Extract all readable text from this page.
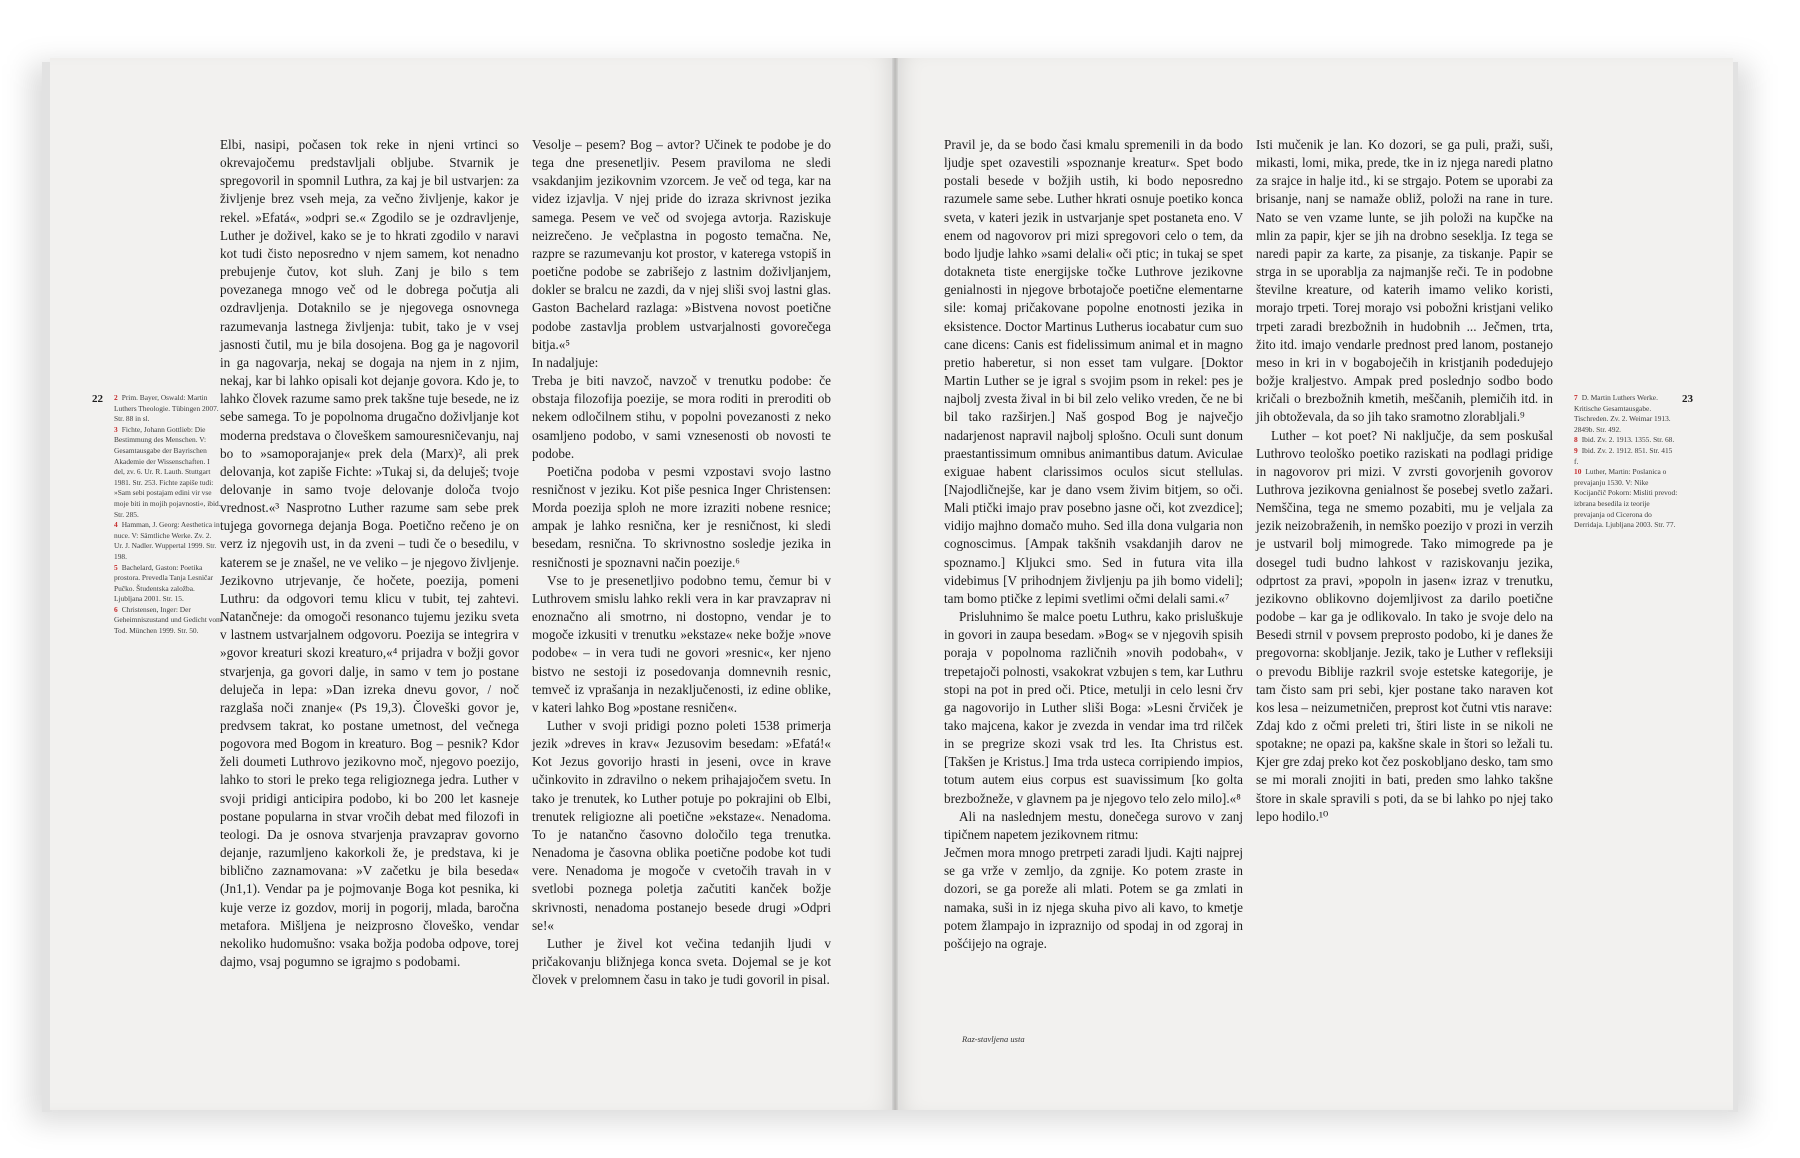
22 2 Prim. Bayer, Oswald: Martin Luthers Theologie. Tübingen 2007. Str. 88 in sl.
3 Fichte, Johann Gottlieb: Die Bestimmung des Menschen. V: Gesamtausgabe der Bayrischen Akademie der Wissenschaften. I del, zv. 6. Ur. R. Lauth. Stuttgart 1981. Str. 253. Fichte zapiše tudi: »Sam sebi postajam edini vir vse moje biti in mojih pojavnosti«, ibid. Str. 285.
4 Hamman, J. Georg: Aesthetica in nuce. V: Sämtliche Werke. Zv. 2. Ur. J. Nadler. Wuppertal 1999. Str. 198.
5 Bachelard, Gaston: Poetika prostora. Prevedla Tanja Lesničar Pučko. Študentska založba. Ljubljana 2001. Str. 15.
6 Christensen, Inger: Der Geheimniszustand und Gedicht vom Tod. München 1999. Str. 50.

Elbi, nasipi, počasen tok reke in njeni vrtinci so okrevajočemu predstavljali obljube. Stvarnik je spregovoril in spomnil Luthra, za kaj je bil ustvarjen: za življenje brez vseh meja, za večno življenje, kakor je rekel. »Efatá«, »odpri se.« Zgodilo se je ozdravljenje, Luther je doživel, kako se je to hkrati zgodilo v naravi kot tudi čisto neposredno v njem samem, kot nenadno prebujenje čutov, kot sluh. Zanj je bilo s tem povezanega mnogo več od le dobrega počutja ali ozdravljenja. Dotaknilo se je njegovega osnovnega razumevanja lastnega življenja: tubit, tako je v vsej jasnosti čutil, mu je bila dosojena. Bog ga je nagovoril in ga nagovarja, nekaj se dogaja na njem in z njim, nekaj, kar bi lahko opisali kot dejanje govora. Kdo je, to lahko človek razume samo prek takšne tuje besede, ne iz sebe samega. To je popolnoma drugačno doživljanje kot moderna predstava o človeškem samouresničevanju, naj bo to »samoporajanje« prek dela (Marx)², ali prek delovanja, kot zapiše Fichte: »Tukaj si, da deluješ; tvoje delovanje in samo tvoje delovanje določa tvojo vrednost.«³ Nasprotno Luther razume sam sebe prek tujega govornega dejanja Boga. Poetično rečeno je on verz iz njegovih ust, in da zveni – tudi če o besedilu, v katerem se je znašel, ne ve veliko – je njegovo življenje. Jezikovno utrjevanje, če hočete, poezija, pomeni Luthru: da odgovori temu klicu v tubit, tej zahtevi. Natančneje: da omogoči resonanco tujemu jeziku sveta v lastnem ustvarjalnem odgovoru. Poezija se integrira v »govor kreaturi skozi kreaturo,«⁴ prijadra v božji govor stvarjenja, ga govori dalje, in samo v tem jo postane deluječa in lepa: »Dan izreka dnevu govor, / noč razglaša noči znanje« (Ps 19,3). Človeški govor je, predvsem takrat, ko postane umetnost, del večnega pogovora med Bogom in kreaturo. Bog – pesnik? Kdor želi doumeti Luthrovo jezikovno moč, njegovo poezijo, lahko to stori le preko tega religioznega jedra. Luther v svoji pridigi anticipira podobo, ki bo 200 let kasneje postane popularna in stvar vročih debat med filozofi in teologi. Da je osnova stvarjenja pravzaprav govorno dejanje, razumljeno kakorkoli že, je predstava, ki je biblično zaznamovana: »V začetku je bila beseda« (Jn1,1). Vendar pa je pojmovanje Boga kot pesnika, ki kuje verze iz gozdov, morij in pogorij, mlada, baročna metafora. Mišljena je neizprosno človeško, vendar nekoliko hudomušno: vsaka božja podoba odpove, torej dajmo, vsaj pogumno se igrajmo s podobami.

Vesolje – pesem? Bog – avtor? Učinek te podobe je do tega dne presenetljiv. Pesem praviloma ne sledi vsakdanjim jezikovnim vzorcem. Je več od tega, kar na videz izjavlja. V njej pride do izraza skrivnost jezika samega. Pesem ve več od svojega avtorja. Raziskuje neizrečeno. Je večplastna in pogosto temačna. Ne, razpre se razumevanju kot prostor, v katerega vstopiš in poetične podobe se zabrišejo z lastnim doživljanjem, dokler se bralcu ne zazdi, da v njej sliši svoj lastni glas. Gaston Bachelard razlaga: »Bistvena novost poetične podobe zastavlja problem ustvarjalnosti govorečega bitja.«⁵

In nadaljuje:

Treba je biti navzoč, navzoč v trenutku podobe: če obstaja filozofija poezije, se mora roditi in preroditi ob nekem odločilnem stihu, v popolni povezanosti z neko osamljeno podobo, v sami vznesenosti ob novosti te podobe.

Poetična podoba v pesmi vzpostavi svojo lastno resničnost v jeziku. Kot piše pesnica Inger Christensen: Morda poezija sploh ne more izraziti nobene resnice; ampak je lahko resnična, ker je resničnost, ki sledi besedam, resnična. To skrivnostno sosledje jezika in resničnosti je spoznavni način poezije.⁶

Vse to je presenetljivo podobno temu, čemur bi v Luthrovem smislu lahko rekli vera in kar pravzaprav ni enoznačno ali smotrno, ni dostopno, vendar je to mogoče izkusiti v trenutku »ekstaze« neke božje »nove podobe« – in vera tudi ne govori »resnic«, ker njeno bistvo ne sestoji iz posedovanja domnevnih resnic, temveč iz vprašanja in nezaključenosti, iz edine oblike, v kateri lahko Bog »postane resničen«.

Luther v svoji pridigi pozno poleti 1538 primerja jezik »dreves in krav« Jezusovim besedam: »Efatá!« Kot Jezus govorijo hrasti in jeseni, ovce in krave učinkovito in zdravilno o nekem prihajajočem svetu. In tako je trenutek, ko Luther potuje po pokrajini ob Elbi, trenutek religiozne ali poetične »ekstaze«. Nenadoma. To je natančno časovno določilo tega trenutka. Nenadoma je časovna oblika poetične podobe kot tudi vere. Nenadoma je mogoče v cvetočih travah in v svetlobi poznega poletja začutiti kanček božje skrivnosti, nenadoma postanejo besede drugi »Odpri se!«

Luther je živel kot večina tedanjih ljudi v pričakovanju bližnjega konca sveta. Dojemal se je kot človek v prelomnem času in tako je tudi govoril in pisal.

Pravil je, da se bodo časi kmalu spremenili in da bodo ljudje spet ozavestili »spoznanje kreatur«. Spet bodo postali besede v božjih ustih, ki bodo neposredno razumele same sebe. Luther hkrati osnuje poetiko konca sveta, v kateri jezik in ustvarjanje spet postaneta eno. V enem od nagovorov pri mizi spregovori celo o tem, da bodo ljudje lahko »sami delali« oči ptic; in tukaj se spet dotakneta tiste energijske točke Luthrove jezikovne genialnosti in njegove brbotajoče poetične elementarne sile: komaj pričakovane popolne enotnosti jezika in eksistence. Doctor Martinus Lutherus iocabatur cum suo cane dicens: Canis est fidelissimum animal et in magno pretio haberetur, si non esset tam vulgare. [Doktor Martin Luther se je igral s svojim psom in rekel: pes je najbolj zvesta žival in bi bil zelo veliko vreden, če ne bi bil tako razširjen.] Naš gospod Bog je največjo nadarjenost napravil najbolj splošno. Oculi sunt donum praestantissimum omnibus animantibus datum. Aviculae exiguae habent clarissimos oculos sicut stellulas. [Najodličnejše, kar je dano vsem živim bitjem, so oči. Mali ptički imajo prav posebno jasne oči, kot zvezdice]; vidijo majhno domačo muho. Sed illa dona vulgaria non cognoscimus. [Ampak takšnih vsakdanjih darov ne spoznamo.] Kljukci smo. Sed in futura vita illa videbimus [V prihodnjem življenju pa jih bomo videli]; tam bomo ptičke z lepimi svetlimi očmi delali sami.«⁷

Prisluhnimo še malce poetu Luthru, kako prisluškuje in govori in zaupa besedam. »Bog« se v njegovih spisih poraja v popolnoma različnih »novih podobah«, v trepetajoči polnosti, vsakokrat vzbujen s tem, kar Luthru stopi na pot in pred oči. Ptice, metulji in celo lesni črv ga nagovorijo in Luther sliši Boga: »Lesni črviček je tako majcena, kakor je zvezda in vendar ima trd rilček in se pregrize skozi vsak trd les. Ita Christus est. [Takšen je Kristus.] Ima trda usteca corripiendo impios, totum autem eius corpus est suavissimum [ko golta brezbožneže, v glavnem pa je njegovo telo zelo milo].«⁸

Ali na naslednjem mestu, donečega surovo v zanj tipičnem napetem jezikovnem ritmu:

Ječmen mora mnogo pretrpeti zaradi ljudi. Kajti najprej se ga vrže v zemljo, da zgnije. Ko potem zraste in dozori, se ga poreže ali mlati. Potem se ga zmlati in namaka, suši in iz njega skuha pivo ali kavo, to kmetje potem žlampajo in izpraznijo od spodaj in od zgoraj in pošćijejo na ograje.

Isti mučenik je lan. Ko dozori, se ga puli, praži, suši, mikasti, lomi, mika, prede, tke in iz njega naredi platno za srajce in halje itd., ki se strgajo. Potem se uporabi za brisanje, nanj se namaže obliž, položi na rane in ture. Nato se ven vzame lunte, se jih položi na kupčke na mlin za papir, kjer se jih na drobno sesekljа. Iz tega se naredi papir za karte, za pisanje, za tiskanje. Papir se strga in se uporablja za najmanjše reči. Te in podobne številne kreature, od katerih imamo veliko koristi, morajo trpeti. Torej morajo vsi pobožni kristjani veliko trpeti zaradi brezbožnih in hudobnih ... Ječmen, trta, žito itd. imajo vendarle prednost pred lanom, postanejo meso in kri in v bogaboječih in kristjanih podedujejo božje kraljestvo. Ampak pred poslednjo sodbo bodo kričali o brezbožnih kmetih, meščanih, plemičih itd. in jih obtoževala, da so jih tako sramotno zlorabljali.⁹

Luther – kot poet? Ni naključje, da sem poskušal Luthrovo teološko poetiko raziskati na podlagi pridige in nagovorov pri mizi. V zvrsti govorjenih govorov Luthrova jezikovna genialnost še posebej svetlo zažari. Nemščina, tega ne smemo pozabiti, mu je veljala za jezik neizobraženih, in nemško poezijo v prozi in verzih je ustvaril bolj mimogrede. Tako mimogrede pa je dosegel tudi budno lahkost v raziskovanju jezika, odprtost za pravi, »popoln in jasen« izraz v trenutku, jezikovno oblikovno dojemljivost za darilo poetične podobe – kar ga je odlikovalo. In tako je svoje delo na Besedi strnil v povsem preprosto podobo, ki je danes že pregovorna: skobljanje. Jezik, tako je Luther v refleksiji o prevodu Biblije razkril svoje estetske kategorije, je tam čisto sam pri sebi, kjer postane tako naraven kot kos lesa – neizumetničen, preprost kot čutni vtis narave:

Zdaj kdo z očmi preleti tri, štiri liste in se nikoli ne spotakne; ne opazi pa, kakšne skale in štori so ležali tu. Kjer gre zdaj preko kot čez poskobljano desko, tam smo se mi morali znojiti in bati, preden smo lahko takšne štore in skale spravili s poti, da se bi lahko po njej tako lepo hodilo.¹⁰

7 D. Martin Luthers Werke. Kritische Gesamtausgabe. Tischreden. Zv. 2. Weimar 1913. 2849b. Str. 492.
8 Ibid. Zv. 2. 1913. 1355. Str. 68.
9 Ibid. Zv. 2. 1912. 851. Str. 415 f.
10 Luther, Martin: Poslanica o prevajanju 1530. V: Nike Kocijančič Pokorn: Misliti prevod: izbrana besedila iz teorije prevajanja od Cicerona do Derridaja. Ljubljana 2003. Str. 77.
23
Raz-stavljena usta
